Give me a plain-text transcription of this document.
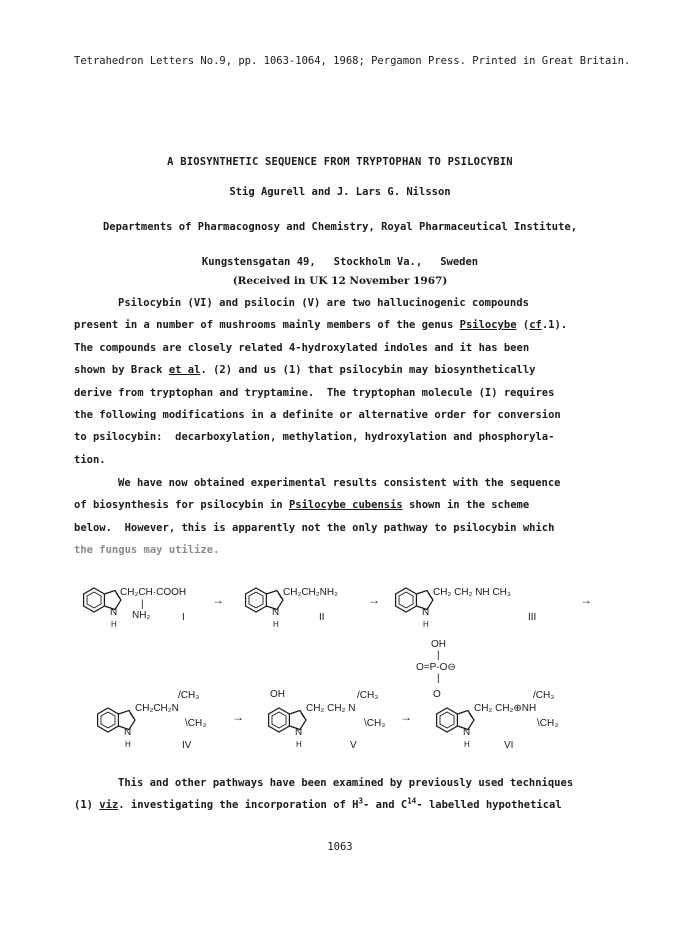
Tetrahedron Letters No.9, pp. 1063-1064, 1968; Pergamon Press. Printed in Great Britain.
A BIOSYNTHETIC SEQUENCE FROM TRYPTOPHAN TO PSILOCYBIN
Stig Agurell and J. Lars G. Nilsson
Departments of Pharmacognosy and Chemistry, Royal Pharmaceutical Institute,
Kungstensgatan 49, Stockholm Va., Sweden
(Received in UK 12 November 1967)
Psilocybin (VI) and psilocin (V) are two hallucinogenic compounds
present in a number of mushrooms mainly members of the genus Psilocybe (cf.1).
The compounds are closely related 4-hydroxylated indoles and it has been
shown by Brack et al. (2) and us (1) that psilocybin may biosynthetically
derive from tryptophan and tryptamine.  The tryptophan molecule (I) requires
the following modifications in a definite or alternative order for conversion
to psilocybin:  decarboxylation, methylation, hydroxylation and phosphoryla-
tion.
We have now obtained experimental results consistent with the sequence
of biosynthesis for psilocybin in Psilocybe cubensis shown in the scheme
below.  However, this is apparently not the only pathway to psilocybin which
the fungus may utilize.
CH₂CH·COOH
|
NH₂
N
H
I
→
CH₂CH₂NH₂
N
H
II
→
CH₂ CH₂ NH CH₃
N
H
III
→
CH₂CH₂N
/CH₃
\CH₃
N
H	IV
→
OH
CH₂ CH₂ N
/CH₃
\CH₃
N
H	V
→
OH
|
O=P-O⊖
|
O
CH₂ CH₂⊕NH
/CH₃
\CH₃
N
H	VI
This and other pathways have been examined by previously used techniques
(1) viz. investigating the incorporation of $H^3-$ and $C^{14}-$ labelled hypothetical
1063
